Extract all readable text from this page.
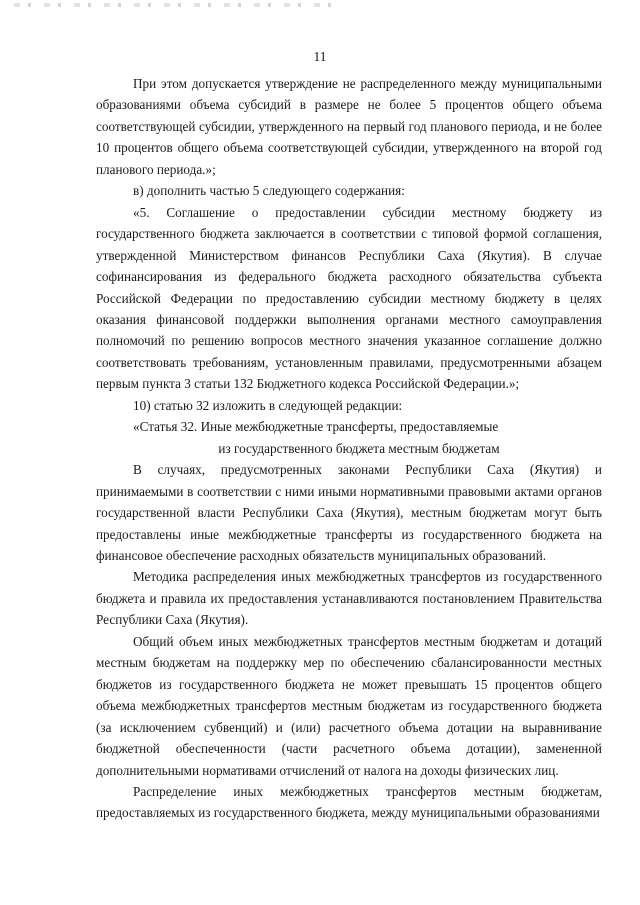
11

При этом допускается утверждение не распределенного между муниципальными образованиями объема субсидий в размере не более 5 процентов общего объема соответствующей субсидии, утвержденного на первый год планового периода, и не более 10 процентов общего объема соответствующей субсидии, утвержденного на второй год планового периода.»;

в) дополнить частью 5 следующего содержания:

«5. Соглашение о предоставлении субсидии местному бюджету из государственного бюджета заключается в соответствии с типовой формой соглашения, утвержденной Министерством финансов Республики Саха (Якутия). В случае софинансирования из федерального бюджета расходного обязательства субъекта Российской Федерации по предоставлению субсидии местному бюджету в целях оказания финансовой поддержки выполнения органами местного самоуправления полномочий по решению вопросов местного значения указанное соглашение должно соответствовать требованиям, установленным правилами, предусмотренными абзацем первым пункта 3 статьи 132 Бюджетного кодекса Российской Федерации.»;

10) статью 32 изложить в следующей редакции:

«Статья 32. Иные межбюджетные трансферты, предоставляемые

из государственного бюджета местным бюджетам

В случаях, предусмотренных законами Республики Саха (Якутия) и принимаемыми в соответствии с ними иными нормативными правовыми актами органов государственной власти Республики Саха (Якутия), местным бюджетам могут быть предоставлены иные межбюджетные трансферты из государственного бюджета на финансовое обеспечение расходных обязательств муниципальных образований.

Методика распределения иных межбюджетных трансфертов из государственного бюджета и правила их предоставления устанавливаются постановлением Правительства Республики Саха (Якутия).

Общий объем иных межбюджетных трансфертов местным бюджетам и дотаций местным бюджетам на поддержку мер по обеспечению сбалансированности местных бюджетов из государственного бюджета не может превышать 15 процентов общего объема межбюджетных трансфертов местным бюджетам из государственного бюджета (за исключением субвенций) и (или) расчетного объема дотации на выравнивание бюджетной обеспеченности (части расчетного объема дотации), замененной дополнительными нормативами отчислений от налога на доходы физических лиц.

Распределение иных межбюджетных трансфертов местным бюджетам, предоставляемых из государственного бюджета, между муниципальными образованиями
